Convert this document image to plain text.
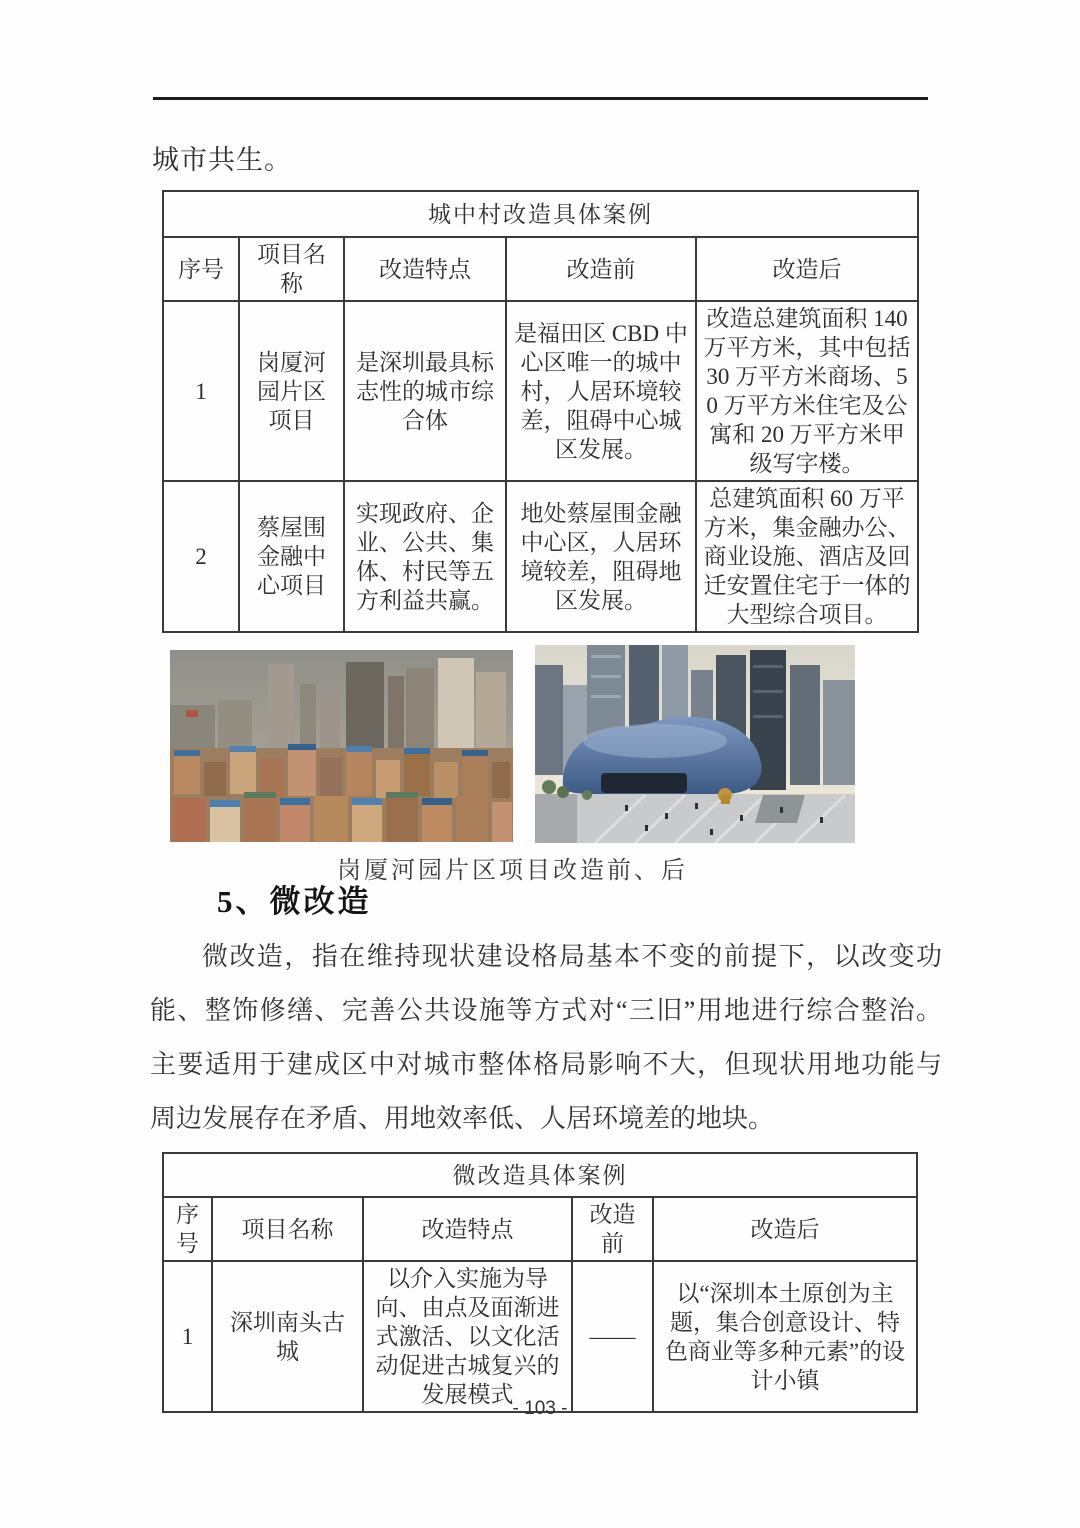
城市共生。

城中村改造具体案例				
序号	项目名称	改造特点	改造前	改造后
1	岗厦河园片区项目	是深圳最具标志性的城市综合体	是福田区 CBD 中心区唯一的城中村，人居环境较差，阻碍中心城区发展。	改造总建筑面积 140 万平方米，其中包括 30 万平方米商场、50 万平方米住宅及公寓和 20 万平方米甲级写字楼。
2	蔡屋围金融中心项目	实现政府、企业、公共、集体、村民等五方利益共赢。	地处蔡屋围金融中心区，人居环境较差，阻碍地区发展。	总建筑面积 60 万平方米，集金融办公、商业设施、酒店及回迁安置住宅于一体的大型综合项目。
岗厦河园片区项目改造前、后
5、微改造
微改造，指在维持现状建设格局基本不变的前提下，以改变功
能、整饰修缮、完善公共设施等方式对“三旧”用地进行综合整治。
主要适用于建成区中对城市整体格局影响不大，但现状用地功能与
周边发展存在矛盾、用地效率低、人居环境差的地块。
微改造具体案例				
序号	项目名称	改造特点	改造前	改造后
1	深圳南头古城	以介入实施为导向、由点及面渐进式激活、以文化活动促进古城复兴的发展模式	——	以“深圳本土原创为主题，集合创意设计、特色商业等多种元素”的设计小镇
- 103 -
